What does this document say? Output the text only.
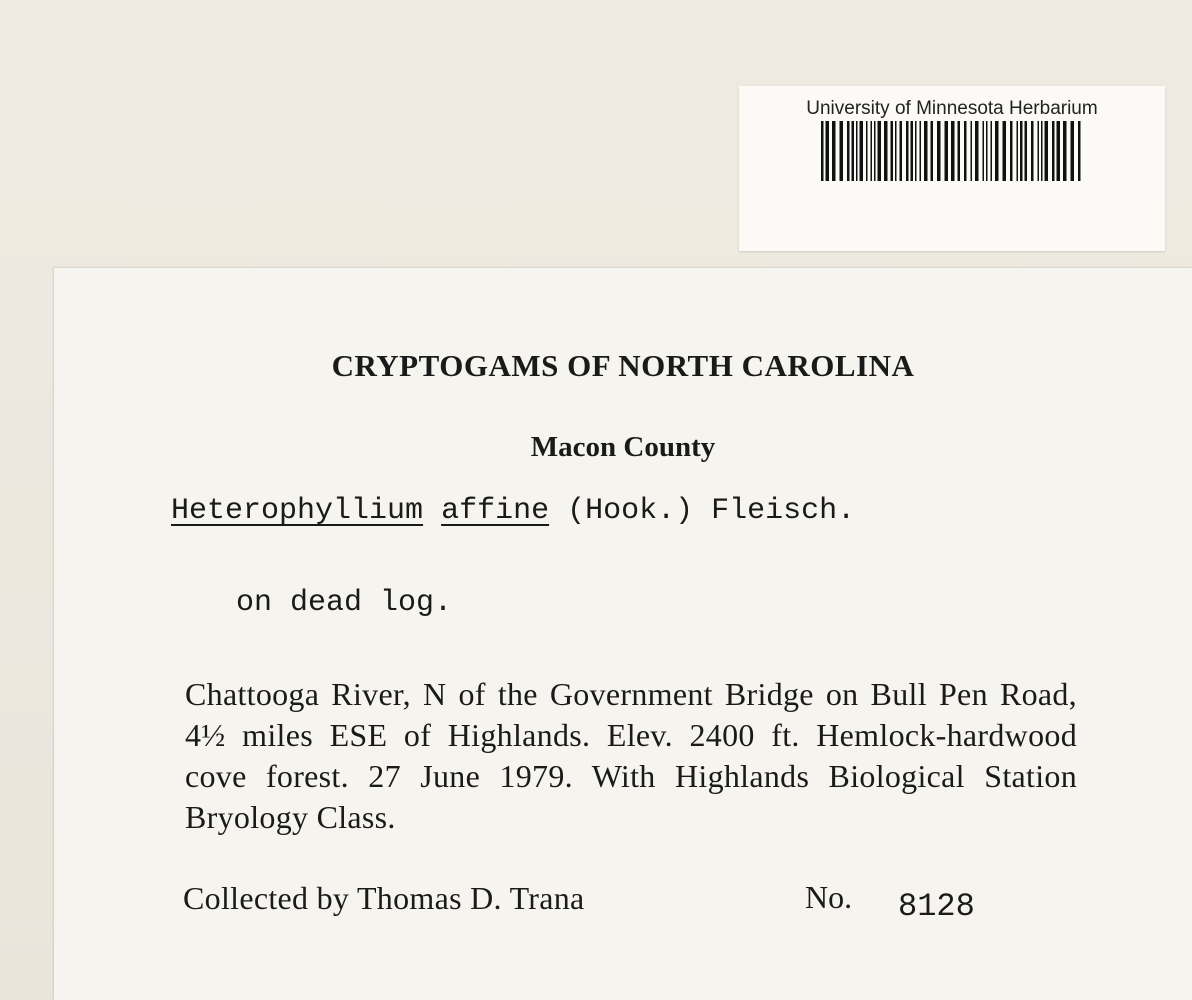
University of Minnesota Herbarium
CRYPTOGAMS OF NORTH CAROLINA
Macon County
Heterophyllium affine (Hook.) Fleisch.
on dead log.
Chattooga River, N of the Government Bridge on Bull Pen Road, 4½ miles ESE of Highlands. Elev. 2400 ft. Hemlock-hardwood cove forest. 27 June 1979. With Highlands Biological Station Bryology Class.
Collected by Thomas D. Trana	No. 8128
